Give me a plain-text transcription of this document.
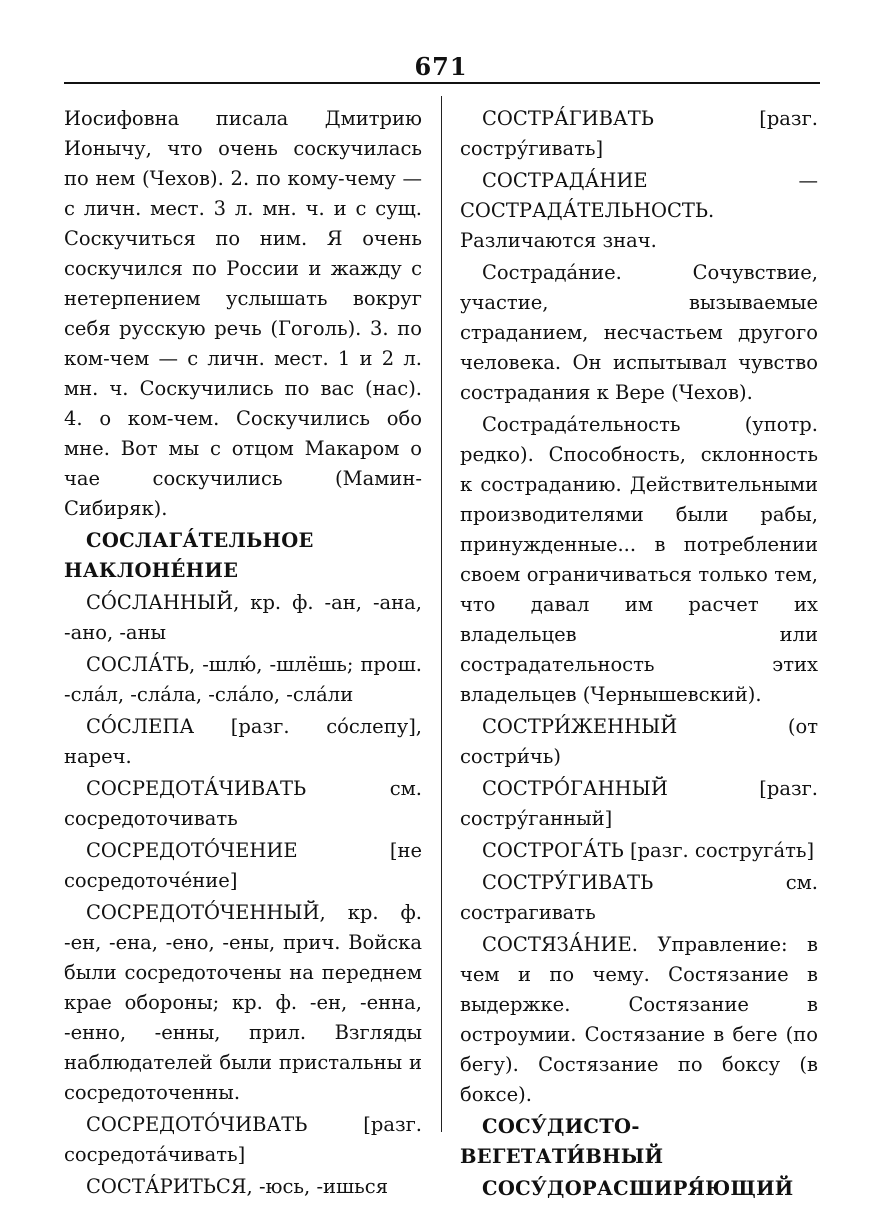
671

Иосифовна писала Дмитрию Ионычу, что очень соскучилась по нем (Чехов). 2. по кому-чему — с личн. мест. 3 л. мн. ч. и с сущ. Соскучиться по ним. Я очень соскучился по России и жажду с нетерпением услышать вокруг себя русскую речь (Гоголь). 3. по ком-чем — с личн. мест. 1 и 2 л. мн. ч. Соскучились по вас (нас). 4. о ком-чем. Соскучились обо мне. Вот мы с отцом Макаром о чае соскучились (Мамин-Сибиряк).

СОСЛАГА́ТЕЛЬНОЕ НАКЛОНЕ́НИЕ

СО́СЛАННЫЙ, кр. ф. -ан, -ана, -ано, -аны

СОСЛА́ТЬ, -шлю́, -шлёшь; прош. -сла́л, -сла́ла, -сла́ло, -сла́ли

СО́СЛЕПА [разг. со́слепу], нареч.

СОСРЕДОТА́ЧИВАТЬ см. сосредоточивать

СОСРЕДОТО́ЧЕНИЕ [не сосредоточе́ние]

СОСРЕДОТО́ЧЕННЫЙ, кр. ф. -ен, -ена, -ено, -ены, прич. Войска были сосредоточены на переднем крае обороны; кр. ф. -ен, -енна, -енно, -енны, прил. Взгляды наблюдателей были пристальны и сосредоточенны.

СОСРЕДОТО́ЧИВАТЬ [разг. сосредота́чивать]

СОСТА́РИТЬСЯ, -юсь, -ишься

СОСТРА́ГИВАТЬ [разг. состру́гивать]

СОСТРАДА́НИЕ — СОСТРАДА́ТЕЛЬНОСТЬ. Различаются знач.

Сострада́ние. Сочувствие, участие, вызываемые страданием, несчастьем другого человека. Он испытывал чувство сострадания к Вере (Чехов).

Сострада́тельность (употр. редко). Способность, склонность к состраданию. Действительными производителями были рабы, принужденные... в потреблении своем ограничиваться только тем, что давал им расчет их владельцев или сострадательность этих владельцев (Чернышевский).

СОСТРИ́ЖЕННЫЙ (от состри́чь)

СОСТРО́ГАННЫЙ [разг. состру́ганный]

СОСТРОГА́ТЬ [разг. соструга́ть]

СОСТРУ́ГИВАТЬ см. сострагивать

СОСТЯЗА́НИЕ. Управление: в чем и по чему. Состязание в выдержке. Состязание в остроумии. Состязание в беге (по бегу). Состязание по боксу (в боксе).

СОСУ́ДИСТО-ВЕГЕТАТИ́ВНЫЙ

СОСУ́ДОРАСШИРЯ́ЮЩИЙ
